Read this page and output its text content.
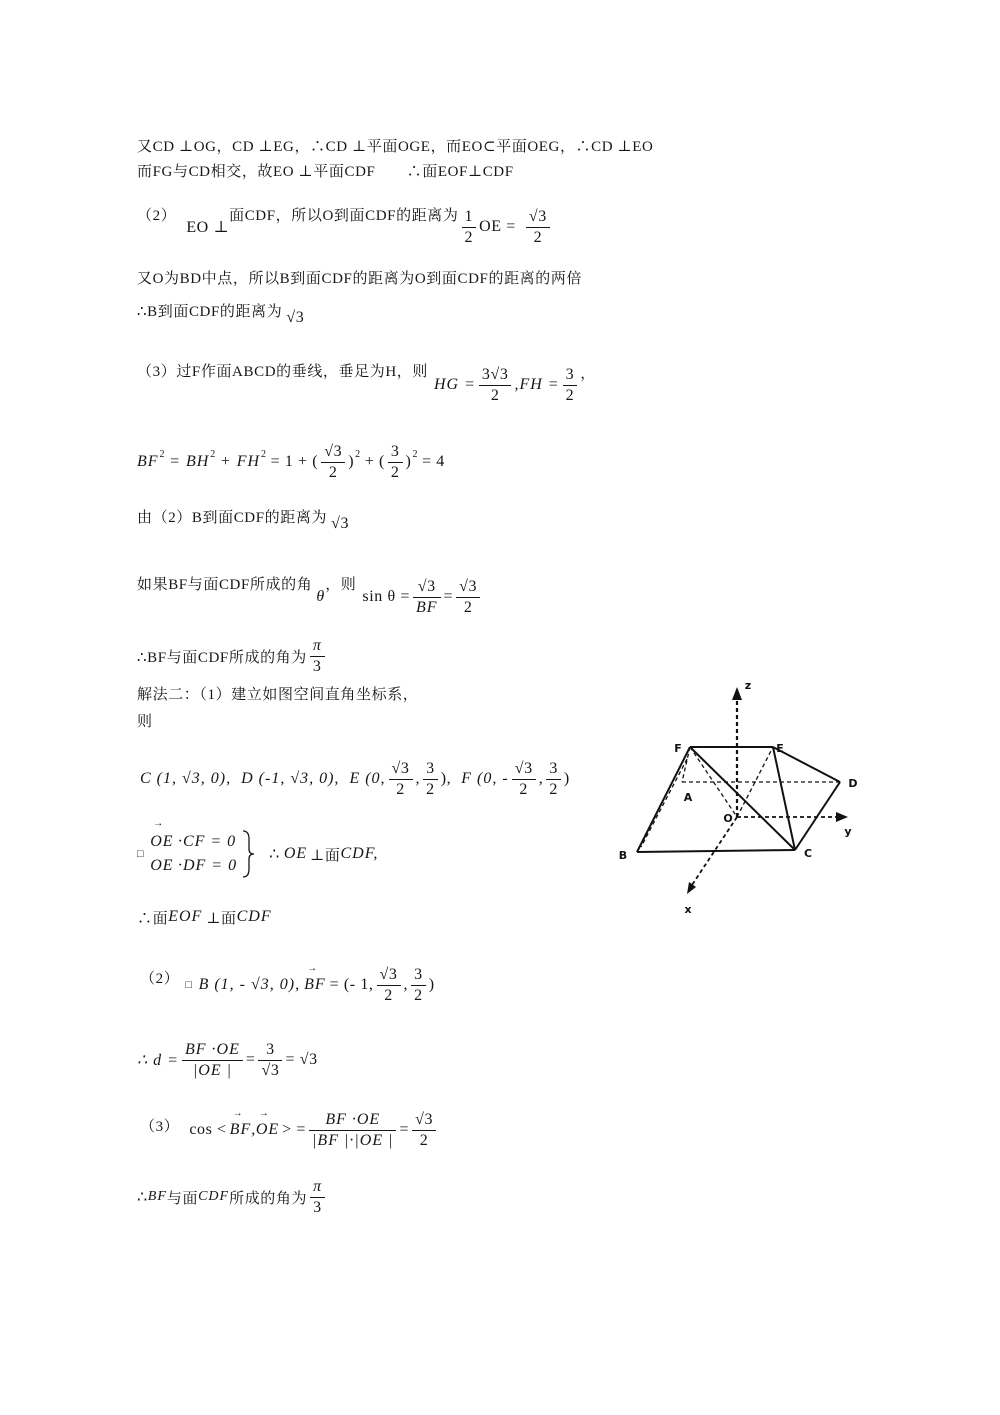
又CD ⊥OG，CD ⊥EG，∴CD ⊥平面OGE，而EO⊂平面OEG，∴CD ⊥EO
而FG与CD相交，故EO ⊥平面CDF　　∴面EOF⊥CDF
（2）
EO ⊥
面CDF，所以O到面CDF的距离为 $\frac{1}{2}$ OE = $\frac{√3}{2}$
又O为BD中点，所以B到面CDF的距离为O到面CDF的距离的两倍
∴B到面CDF的距离为 √3
（3） 过F作面ABCD的垂线，垂足为H，则
HG = $\frac{3√3}{2} ,FH = \frac{3}{2}$ ，
BF 2 = BH 2 + FH 2 = 1 + ( $\frac{√3}{2}$ ) 2 + ( $\frac{3}{2}$ ) 2 = 4
由（2）B到面CDF的距离为 √3
如果BF与面CDF所成的角
θ
，则
$\sin \theta = \frac{√3}{BF} = \frac{√3}{2}$
∴BF与面CDF所成的角为 $\frac{\pi}{3}$
解法二：（1）建立如图空间直角坐标系，
则
C (1, √3, 0), D (-1, √3, 0), E (0, $\frac{√3}{2}$ , $\frac{3}{2}$ ), F (0, - $\frac{√3}{2}$ , $\frac{3}{2}$ )
□
→ OE ·CF = 0
OE ·DF = 0
∴ OE ⊥面 CDF,
∴面 EOF ⊥面 CDF
（2） □ B (1, - √3, 0), → BF = (- 1, $\frac{√3}{2}$ , $\frac{3}{2}$ )
∴ $d = \frac{BF \cdot OE}{|OE |} = \frac{3}{√3} = √3$
（3） cos < → BF , → OE > = $\frac{BF \cdot OE}{|BF |\cdot|OE |} = \frac{√3}{2}$
∴ BF 与面 CDF 所成的角为 $\frac{\pi}{3}$
z
y
x
A
B	C
D
E
F
O
